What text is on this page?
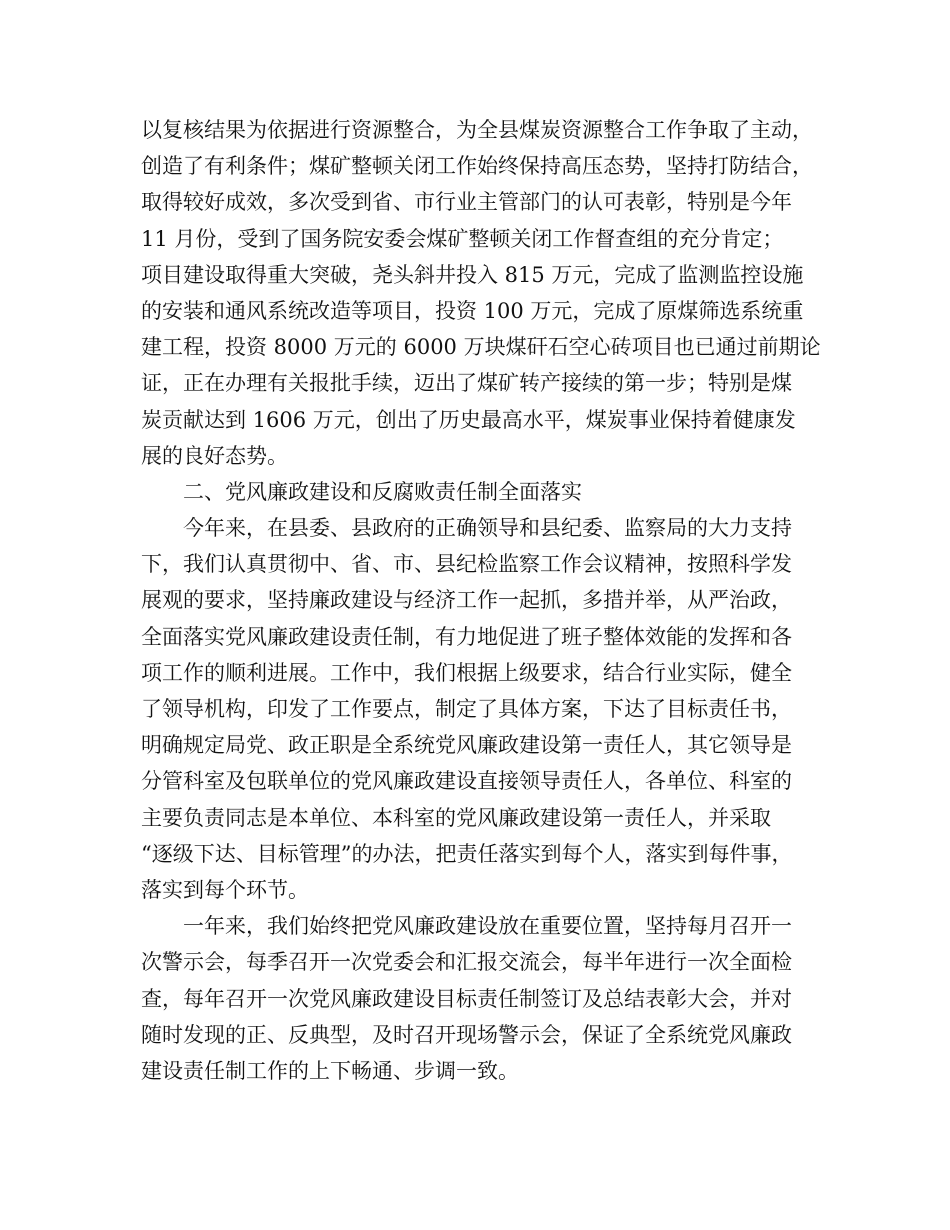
以复核结果为依据进行资源整合，为全县煤炭资源整合工作争取了主动，
创造了有利条件；煤矿整顿关闭工作始终保持高压态势，坚持打防结合，
取得较好成效，多次受到省、市行业主管部门的认可表彰，特别是今年
11 月份，受到了国务院安委会煤矿整顿关闭工作督查组的充分肯定；
项目建设取得重大突破，尧头斜井投入 815 万元，完成了监测监控设施
的安装和通风系统改造等项目，投资 100 万元，完成了原煤筛选系统重
建工程，投资 8000 万元的 6000 万块煤矸石空心砖项目也已通过前期论
证，正在办理有关报批手续，迈出了煤矿转产接续的第一步；特别是煤
炭贡献达到 1606 万元，创出了历史最高水平，煤炭事业保持着健康发
展的良好态势。
二、党风廉政建设和反腐败责任制全面落实
今年来，在县委、县政府的正确领导和县纪委、监察局的大力支持
下，我们认真贯彻中、省、市、县纪检监察工作会议精神，按照科学发
展观的要求，坚持廉政建设与经济工作一起抓，多措并举，从严治政，
全面落实党风廉政建设责任制，有力地促进了班子整体效能的发挥和各
项工作的顺利进展。工作中，我们根据上级要求，结合行业实际，健全
了领导机构，印发了工作要点，制定了具体方案，下达了目标责任书，
明确规定局党、政正职是全系统党风廉政建设第一责任人，其它领导是
分管科室及包联单位的党风廉政建设直接领导责任人，各单位、科室的
主要负责同志是本单位、本科室的党风廉政建设第一责任人，并采取
“逐级下达、目标管理”的办法，把责任落实到每个人，落实到每件事，
落实到每个环节。
一年来，我们始终把党风廉政建设放在重要位置，坚持每月召开一
次警示会，每季召开一次党委会和汇报交流会，每半年进行一次全面检
查，每年召开一次党风廉政建设目标责任制签订及总结表彰大会，并对
随时发现的正、反典型，及时召开现场警示会，保证了全系统党风廉政
建设责任制工作的上下畅通、步调一致。
